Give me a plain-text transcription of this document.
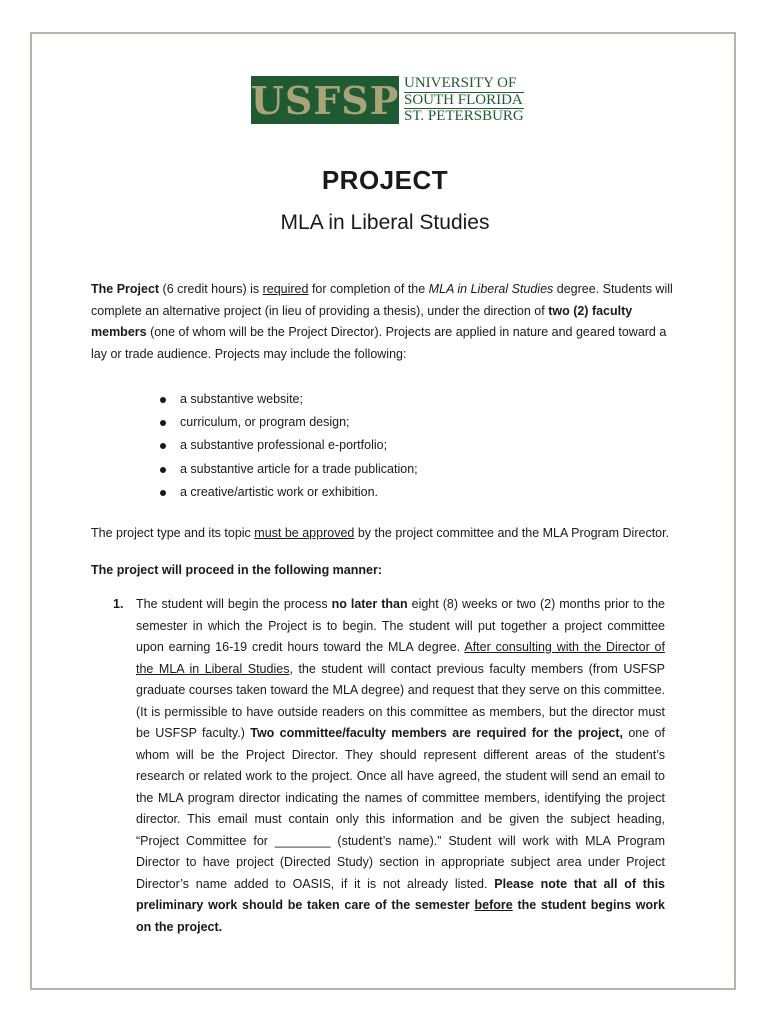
USFSP UNIVERSITY OF
SOUTH FLORIDA
ST. PETERSBURG
PROJECT
MLA in Liberal Studies
The Project (6 credit hours) is required for completion of the MLA in Liberal Studies degree. Students will complete an alternative project (in lieu of providing a thesis), under the direction of two (2) faculty members (one of whom will be the Project Director). Projects are applied in nature and geared toward a lay or trade audience. Projects may include the following:
a substantive website;
curriculum, or program design;
a substantive professional e-portfolio;
a substantive article for a trade publication;
a creative/artistic work or exhibition.
The project type and its topic must be approved by the project committee and the MLA Program Director.
The project will proceed in the following manner:
1. The student will begin the process no later than eight (8) weeks or two (2) months prior to the semester in which the Project is to begin. The student will put together a project committee upon earning 16-19 credit hours toward the MLA degree. After consulting with the Director of the MLA in Liberal Studies, the student will contact previous faculty members (from USFSP graduate courses taken toward the MLA degree) and request that they serve on this committee. (It is permissible to have outside readers on this committee as members, but the director must be USFSP faculty.) Two committee/faculty members are required for the project, one of whom will be the Project Director. They should represent different areas of the student’s research or related work to the project. Once all have agreed, the student will send an email to the MLA program director indicating the names of committee members, identifying the project director. This email must contain only this information and be given the subject heading, “Project Committee for ________ (student’s name).” Student will work with MLA Program Director to have project (Directed Study) section in appropriate subject area under Project Director’s name added to OASIS, if it is not already listed. Please note that all of this preliminary work should be taken care of the semester before the student begins work on the project.
